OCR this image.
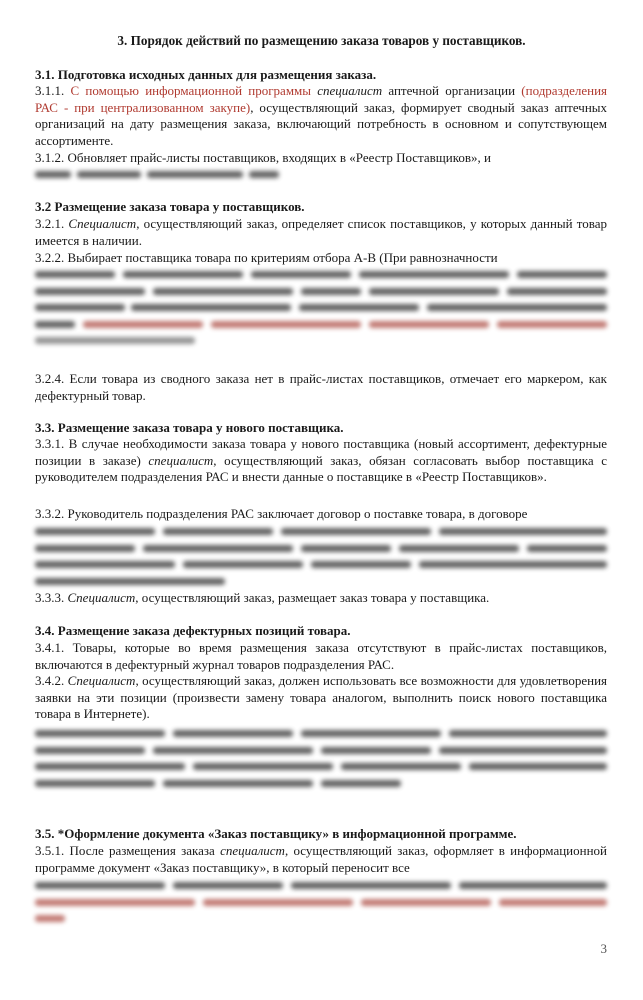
3. Порядок действий по размещению заказа товаров у поставщиков.
3.1. Подготовка исходных данных для размещения заказа.
3.1.1. С помощью информационной программы специалист аптечной организации (подразделения РАС - при централизованном закупе), осуществляющий заказ, формирует сводный заказ аптечных организаций на дату размещения заказа, включающий потребность в основном и сопутствующем ассортименте.
3.1.2. Обновляет прайс-листы поставщиков, входящих в «Реестр Поставщиков», и
3.2 Размещение заказа товара у поставщиков.
3.2.1. Специалист, осуществляющий заказ, определяет список поставщиков, у которых данный товар имеется в наличии.
3.2.2. Выбирает поставщика товара по критериям отбора А-В (При равнозначности
3.2.4. Если товара из сводного заказа нет в прайс-листах поставщиков, отмечает его маркером, как дефектурный товар.
3.3. Размещение заказа товара у нового поставщика.
3.3.1. В случае необходимости заказа товара у нового поставщика (новый ассортимент, дефектурные позиции в заказе) специалист, осуществляющий заказ, обязан согласовать выбор поставщика с руководителем подразделения РАС и внести данные о поставщике в «Реестр Поставщиков».
3.3.2. Руководитель подразделения РАС заключает договор о поставке товара, в договоре
3.3.3. Специалист, осуществляющий заказ, размещает заказ товара у поставщика.
3.4. Размещение заказа дефектурных позиций товара.
3.4.1. Товары, которые во время размещения заказа отсутствуют в прайс-листах поставщиков, включаются в дефектурный журнал товаров подразделения РАС.
3.4.2. Специалист, осуществляющий заказ, должен использовать все возможности для удовлетворения заявки на эти позиции (произвести замену товара аналогом, выполнить поиск нового поставщика товара в Интернете).
3.5. *Оформление документа «Заказ поставщику» в информационной программе.
3.5.1. После размещения заказа специалист, осуществляющий заказ, оформляет в информационной программе документ «Заказ поставщику», в который переносит все
3
